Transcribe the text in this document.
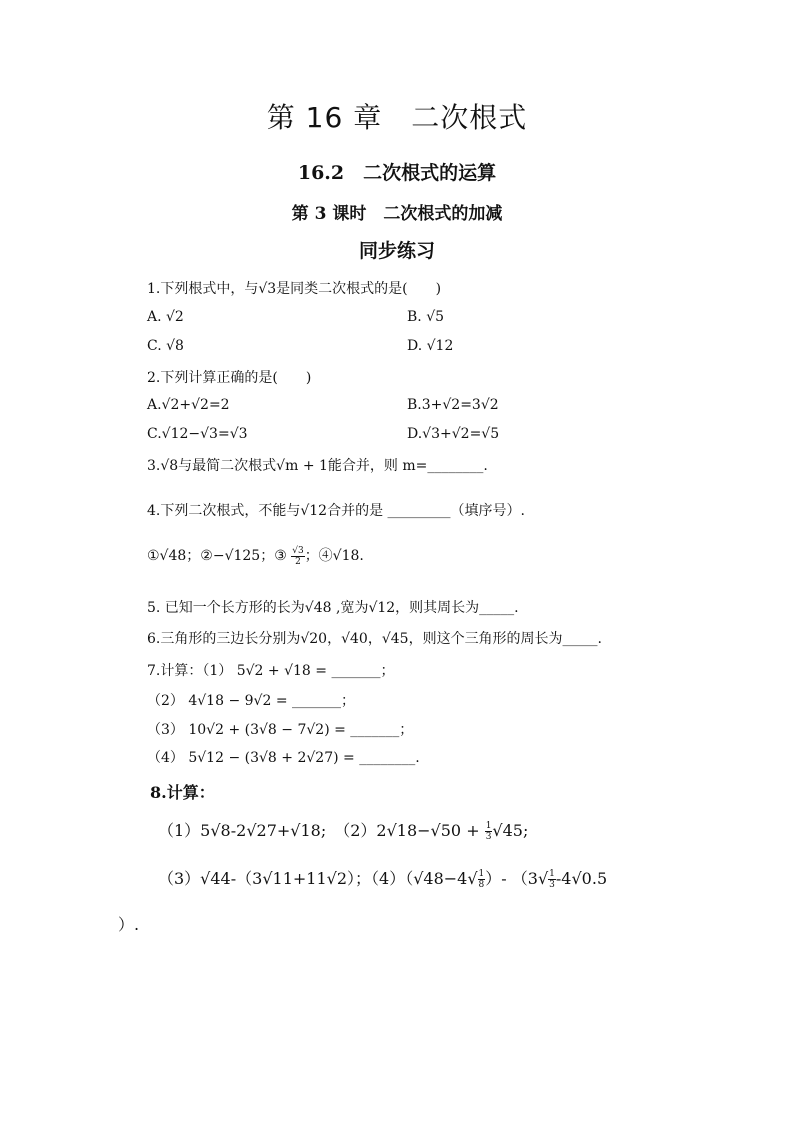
第 16 章　二次根式
16.2　二次根式的运算
第 3 课时　二次根式的加减
同步练习
1.下列根式中，与√3是同类二次根式的是(　　)
A. √2	B. √5
C. √8	D. √12
2.下列计算正确的是(　　)
A.√2+√2=2	B.3+√2=3√2
C.√12−√3=√3	D.√3+√2=√5
3.√8与最简二次根式√m + 1能合并，则 m=________.
4.下列二次根式，不能与√12合并的是 _________（填序号）.
①√48；②−√125；③ $\frac{√3}{2}$ ；④√18.
5. 已知一个长方形的长为√48 ,宽为√12，则其周长为_____.
6.三角形的三边长分别为√20，√40，√45，则这个三角形的周长为_____.
7.计算：（1） 5√2 + √18 = _______；
（2） 4√18 − 9√2 = _______；
（3） 10√2 + (3√8 − 7√2) = _______；
（4） 5√12 − (3√8 + 2√27) = ________.
8.计算：
（1）5√8-2√27+√18;　$(2)2√18-√50 + \frac{1}{3} √45$;
（3）√44-（3√11+11√2）；$(4)(√48-4√ \frac{1}{8}$ ）- （$3√ \frac{1}{3} -4√0.5$
）.
